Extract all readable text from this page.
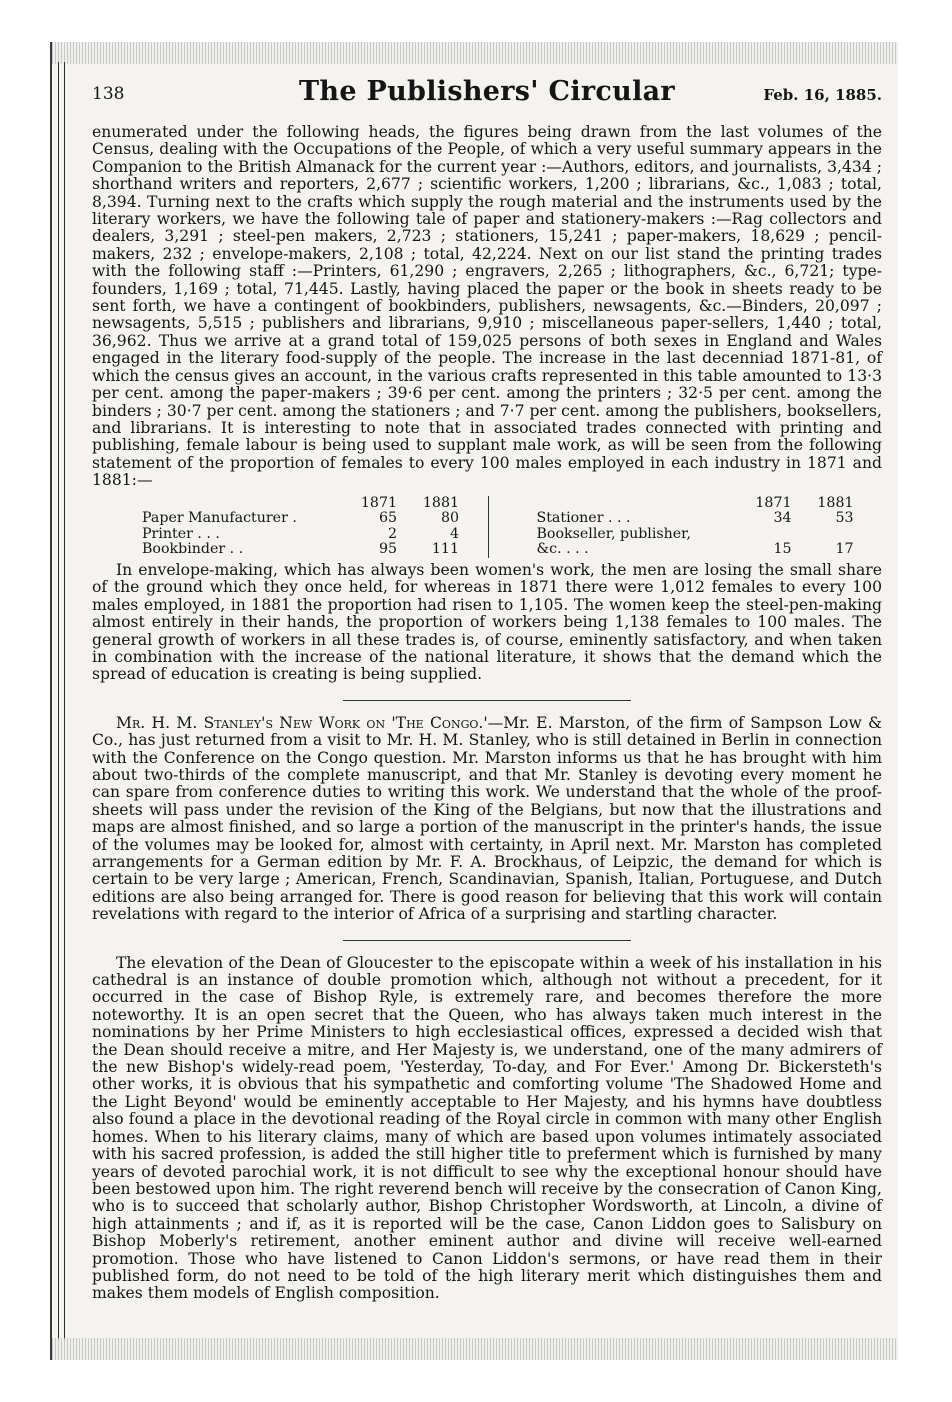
138	The Publishers' Circular	Feb. 16, 1885.

enumerated under the following heads, the figures being drawn from the last volumes of the Census, dealing with the Occupations of the People, of which a very useful summary appears in the Companion to the British Almanack for the current year :—Authors, editors, and journalists, 3,434 ; shorthand writers and reporters, 2,677 ; scientific workers, 1,200 ; librarians, &c., 1,083 ; total, 8,394. Turning next to the crafts which supply the rough material and the instruments used by the literary workers, we have the following tale of paper and stationery-makers :—Rag collectors and dealers, 3,291 ; steel-pen makers, 2,723 ; stationers, 15,241 ; paper-makers, 18,629 ; pencil-makers, 232 ; envelope-makers, 2,108 ; total, 42,224. Next on our list stand the printing trades with the following staff :—Printers, 61,290 ; engravers, 2,265 ; lithographers, &c., 6,721; type-founders, 1,169 ; total, 71,445. Lastly, having placed the paper or the book in sheets ready to be sent forth, we have a contingent of bookbinders, publishers, newsagents, &c.—Binders, 20,097 ; newsagents, 5,515 ; publishers and librarians, 9,910 ; miscellaneous paper-sellers, 1,440 ; total, 36,962. Thus we arrive at a grand total of 159,025 persons of both sexes in England and Wales engaged in the literary food-supply of the people. The increase in the last decenniad 1871-81, of which the census gives an account, in the various crafts represented in this table amounted to 13·3 per cent. among the paper-makers ; 39·6 per cent. among the printers ; 32·5 per cent. among the binders ; 30·7 per cent. among the stationers ; and 7·7 per cent. among the publishers, booksellers, and librarians. It is interesting to note that in associated trades connected with printing and publishing, female labour is being used to supplant male work, as will be seen from the following statement of the proportion of females to every 100 males employed in each industry in 1871 and 1881:—

1871	1881
Paper Manufacturer .	65	80
Printer . . .	2	4
Bookbinder . .	95	111
1871	1881
Stationer . . .	34	53
Bookseller, publisher,
&c. . . .	15	17

In envelope-making, which has always been women's work, the men are losing the small share of the ground which they once held, for whereas in 1871 there were 1,012 females to every 100 males employed, in 1881 the proportion had risen to 1,105. The women keep the steel-pen-making almost entirely in their hands, the proportion of workers being 1,138 females to 100 males. The general growth of workers in all these trades is, of course, eminently satisfactory, and when taken in combination with the increase of the national literature, it shows that the demand which the spread of education is creating is being supplied.

Mr. H. M. Stanley's New Work on 'The Congo.'—Mr. E. Marston, of the firm of Sampson Low & Co., has just returned from a visit to Mr. H. M. Stanley, who is still detained in Berlin in connection with the Conference on the Congo question. Mr. Marston informs us that he has brought with him about two-thirds of the complete manuscript, and that Mr. Stanley is devoting every moment he can spare from conference duties to writing this work. We understand that the whole of the proof-sheets will pass under the revision of the King of the Belgians, but now that the illustrations and maps are almost finished, and so large a portion of the manuscript in the printer's hands, the issue of the volumes may be looked for, almost with certainty, in April next. Mr. Marston has completed arrangements for a German edition by Mr. F. A. Brockhaus, of Leipzic, the demand for which is certain to be very large ; American, French, Scandinavian, Spanish, Italian, Portuguese, and Dutch editions are also being arranged for. There is good reason for believing that this work will contain revelations with regard to the interior of Africa of a surprising and startling character.

The elevation of the Dean of Gloucester to the episcopate within a week of his installation in his cathedral is an instance of double promotion which, although not without a precedent, for it occurred in the case of Bishop Ryle, is extremely rare, and becomes therefore the more noteworthy. It is an open secret that the Queen, who has always taken much interest in the nominations by her Prime Ministers to high ecclesiastical offices, expressed a decided wish that the Dean should receive a mitre, and Her Majesty is, we understand, one of the many admirers of the new Bishop's widely-read poem, 'Yesterday, To-day, and For Ever.' Among Dr. Bickersteth's other works, it is obvious that his sympathetic and comforting volume 'The Shadowed Home and the Light Beyond' would be eminently acceptable to Her Majesty, and his hymns have doubtless also found a place in the devotional reading of the Royal circle in common with many other English homes. When to his literary claims, many of which are based upon volumes intimately associated with his sacred profession, is added the still higher title to preferment which is furnished by many years of devoted parochial work, it is not difficult to see why the exceptional honour should have been bestowed upon him. The right reverend bench will receive by the consecration of Canon King, who is to succeed that scholarly author, Bishop Christopher Wordsworth, at Lincoln, a divine of high attainments ; and if, as it is reported will be the case, Canon Liddon goes to Salisbury on Bishop Moberly's retirement, another eminent author and divine will receive well-earned promotion. Those who have listened to Canon Liddon's sermons, or have read them in their published form, do not need to be told of the high literary merit which distinguishes them and makes them models of English composition.
